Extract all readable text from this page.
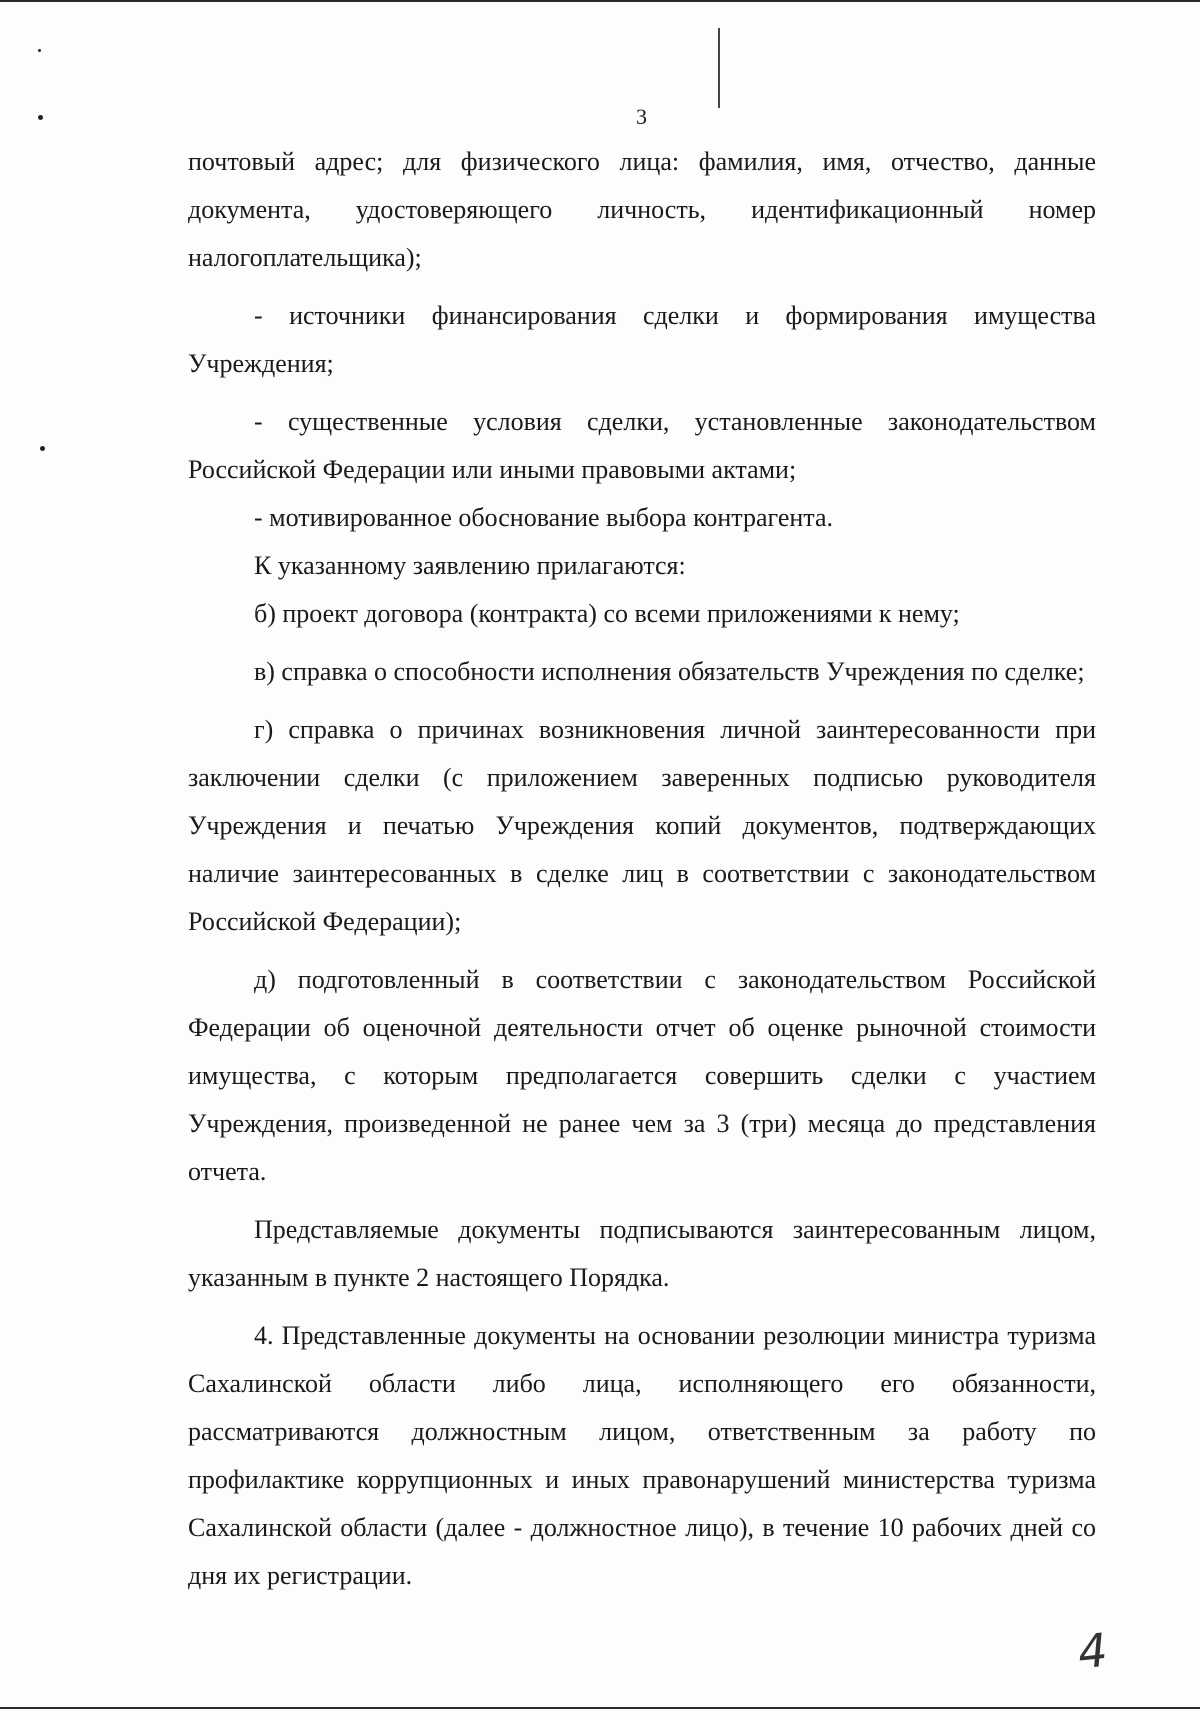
3

почтовый адрес; для физического лица: фамилия, имя, отчество, данные документа, удостоверяющего личность, идентификационный номер налогоплательщика);

- источники финансирования сделки и формирования имущества Учреждения;

- существенные условия сделки, установленные законодательством Российской Федерации или иными правовыми актами;

- мотивированное обоснование выбора контрагента.

К указанному заявлению прилагаются:

б) проект договора (контракта) со всеми приложениями к нему;

в) справка о способности исполнения обязательств Учреждения по сделке;

г) справка о причинах возникновения личной заинтересованности при заключении сделки (с приложением заверенных подписью руководителя Учреждения и печатью Учреждения копий документов, подтверждающих наличие заинтересованных в сделке лиц в соответствии с законодательством Российской Федерации);

д) подготовленный в соответствии с законодательством Российской Федерации об оценочной деятельности отчет об оценке рыночной стоимости имущества, с которым предполагается совершить сделки с участием Учреждения, произведенной не ранее чем за 3 (три) месяца до представления отчета.

Представляемые документы подписываются заинтересованным лицом, указанным в пункте 2 настоящего Порядка.

4. Представленные документы на основании резолюции министра туризма Сахалинской области либо лица, исполняющего его обязанности, рассматриваются должностным лицом, ответственным за работу по профилактике коррупционных и иных правонарушений министерства туризма Сахалинской области (далее - должностное лицо), в течение 10 рабочих дней со дня их регистрации.

4
